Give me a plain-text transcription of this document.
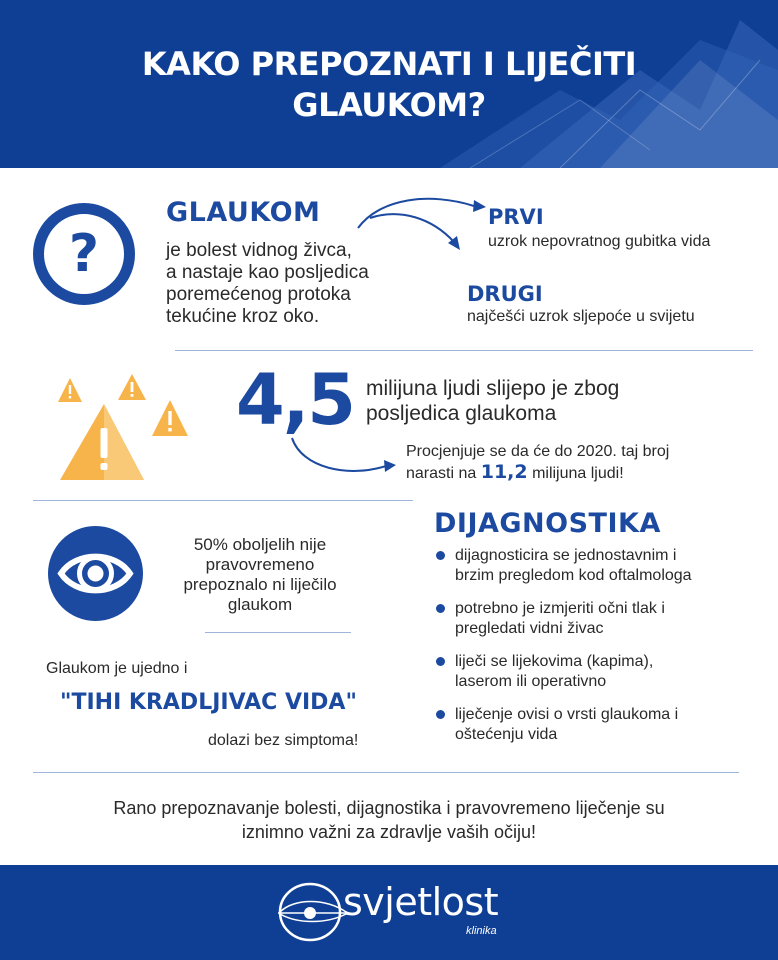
KAKO PREPOZNATI I LIJEČITI
GLAUKOM?
?
GLAUKOM
je bolest vidnog živca,
a nastaje kao posljedica
poremećenog protoka
tekućine kroz oko.
PRVI
uzrok nepovratnog gubitka vida
DRUGI
najčešći uzrok sljepoće u svijetu
4,5 milijuna ljudi slijepo je zbog
posljedica glaukoma
Procjenjuje se da će do 2020. taj broj
narasti na 11,2 milijuna ljudi!
50% oboljelih nije
pravovremeno
prepoznalo ni liječilo
glaukom
Glaukom je ujedno i
"TIHI KRADLJIVAC VIDA"
dolazi bez simptoma!
DIJAGNOSTIKA
dijagnosticira se jednostavnim i
brzim pregledom kod oftalmologa
potrebno je izmjeriti očni tlak i
pregledati vidni živac
liječi se lijekovima (kapima),
laserom ili operativno
liječenje ovisi o vrsti glaukoma i
oštećenju vida
Rano prepoznavanje bolesti, dijagnostika i pravovremeno liječenje su
iznimno važni za zdravlje vaših očiju!
svjetlost
klinika
